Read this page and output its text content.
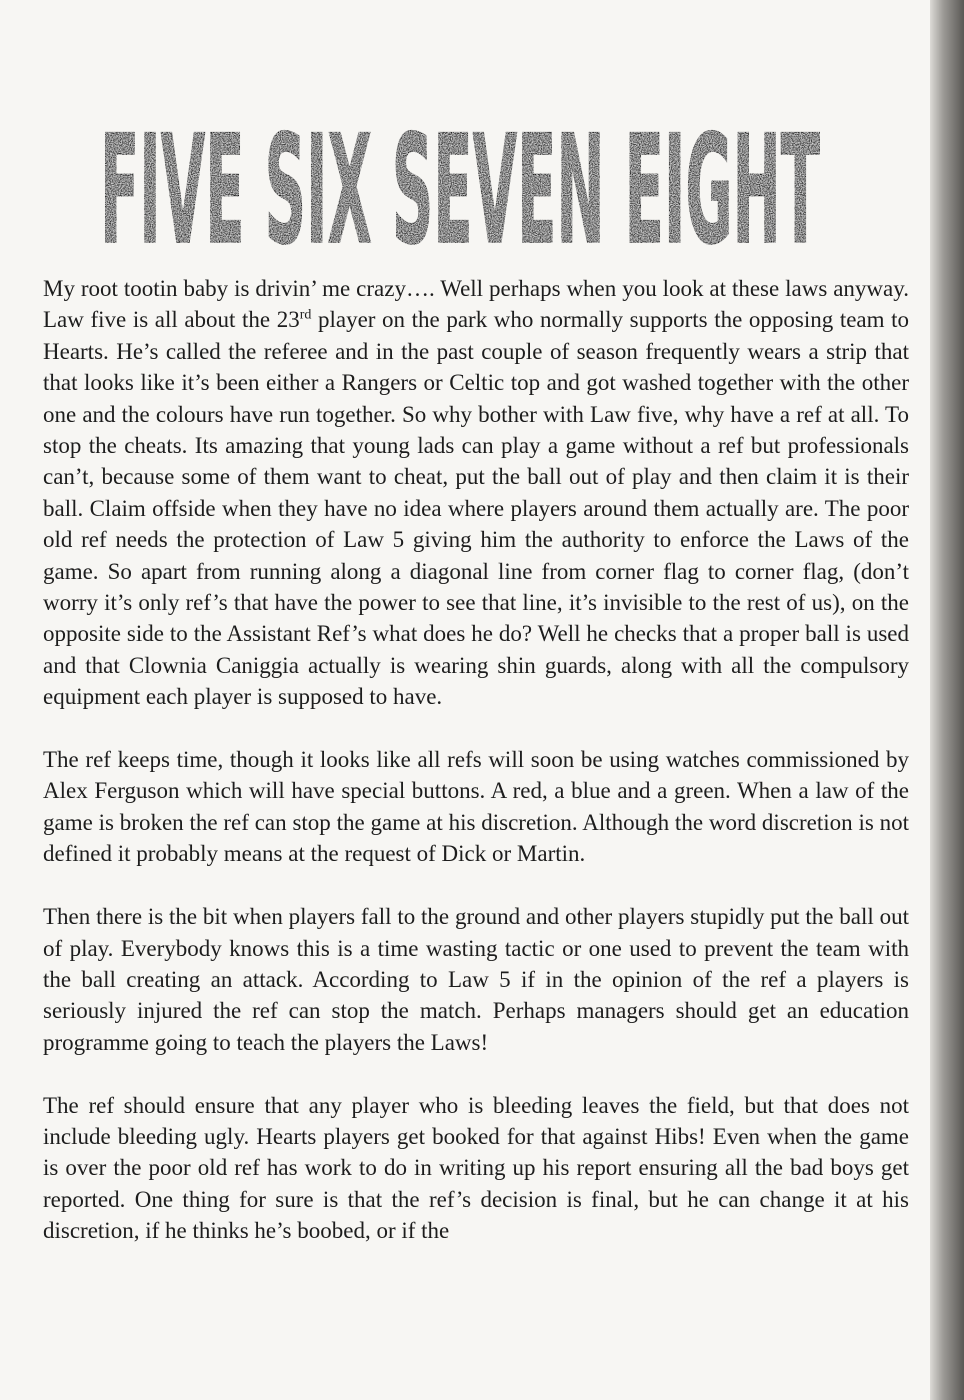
FIVE SIX SEVEN EIGHT

My root tootin baby is drivin’ me crazy…. Well perhaps when you look at these laws anyway. Law five is all about the 23rd player on the park who normally supports the opposing team to Hearts. He’s called the referee and in the past couple of season frequently wears a strip that that looks like it’s been either a Rangers or Celtic top and got washed together with the other one and the colours have run together. So why bother with Law five, why have a ref at all. To stop the cheats. Its amazing that young lads can play a game without a ref but professionals can’t, because some of them want to cheat, put the ball out of play and then claim it is their ball. Claim offside when they have no idea where players around them actually are. The poor old ref needs the protection of Law 5 giving him the authority to enforce the Laws of the game. So apart from running along a diagonal line from corner flag to corner flag, (don’t worry it’s only ref’s that have the power to see that line, it’s invisible to the rest of us), on the opposite side to the Assistant Ref’s what does he do? Well he checks that a proper ball is used and that Clownia Caniggia actually is wearing shin guards, along with all the compulsory equipment each player is supposed to have.

The ref keeps time, though it looks like all refs will soon be using watches commissioned by Alex Ferguson which will have special buttons. A red, a blue and a green. When a law of the game is broken the ref can stop the game at his discretion. Although the word discretion is not defined it probably means at the request of Dick or Martin.

Then there is the bit when players fall to the ground and other players stupidly put the ball out of play. Everybody knows this is a time wasting tactic or one used to prevent the team with the ball creating an attack. According to Law 5 if in the opinion of the ref a players is seriously injured the ref can stop the match. Perhaps managers should get an education programme going to teach the players the Laws!

The ref should ensure that any player who is bleeding leaves the field, but that does not include bleeding ugly. Hearts players get booked for that against Hibs! Even when the game is over the poor old ref has work to do in writing up his report ensuring all the bad boys get reported. One thing for sure is that the ref’s decision is final, but he can change it at his discretion, if he thinks he’s boobed, or if the
